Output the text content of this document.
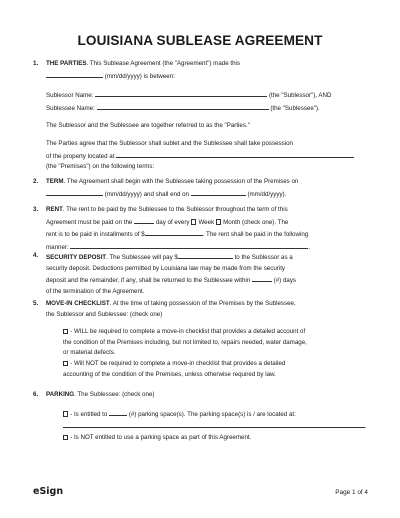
LOUISIANA SUBLEASE AGREEMENT
1. THE PARTIES. This Sublease Agreement (the "Agreement") made this
(mm/dd/yyyy) is between:
Sublessor Name:	(the "Sublessor"), AND
Sublessee Name:	(the "Sublessee").
The Sublessor and the Sublessee are together referred to as the "Parties."
The Parties agree that the Sublessor shall sublet and the Sublessee shall take possession
of the property located at
(the "Premises") on the following terms:
2. TERM. The Agreement shall begin with the Sublessee taking possession of the Premises on
(mm/dd/yyyy) and shall end on	(mm/dd/yyyy).
3. RENT. The rent to be paid by the Sublessee to the Sublessor throughout the term of this
Agreement must be paid on the	day of every Week Month (check one). The
rent is to be paid in installments of $	. The rent shall be paid in the following
manner:	.
4. SECURITY DEPOSIT. The Sublessee will pay $	to the Sublessor as a
security deposit. Deductions permitted by Louisiana law may be made from the security
deposit and the remainder, if any, shall be returned to the Sublessee within	(#) days
of the termination of the Agreement.
5. MOVE-IN CHECKLIST. At the time of taking possession of the Premises by the Sublessee,
the Sublessor and Sublessee: (check one)
- WILL be required to complete a move-in checklist that provides a detailed account of
the condition of the Premises including, but not limited to, repairs needed, water damage,
or material defects.
- Will NOT be required to complete a move-in checklist that provides a detailed
accounting of the condition of the Premises, unless otherwise required by law.
6. PARKING. The Sublessee: (check one)
- Is entitled to	(#) parking space(s). The parking space(s) is / are located at:
.
- Is NOT entitled to use a parking space as part of this Agreement.
eSign	Page 1 of 4
